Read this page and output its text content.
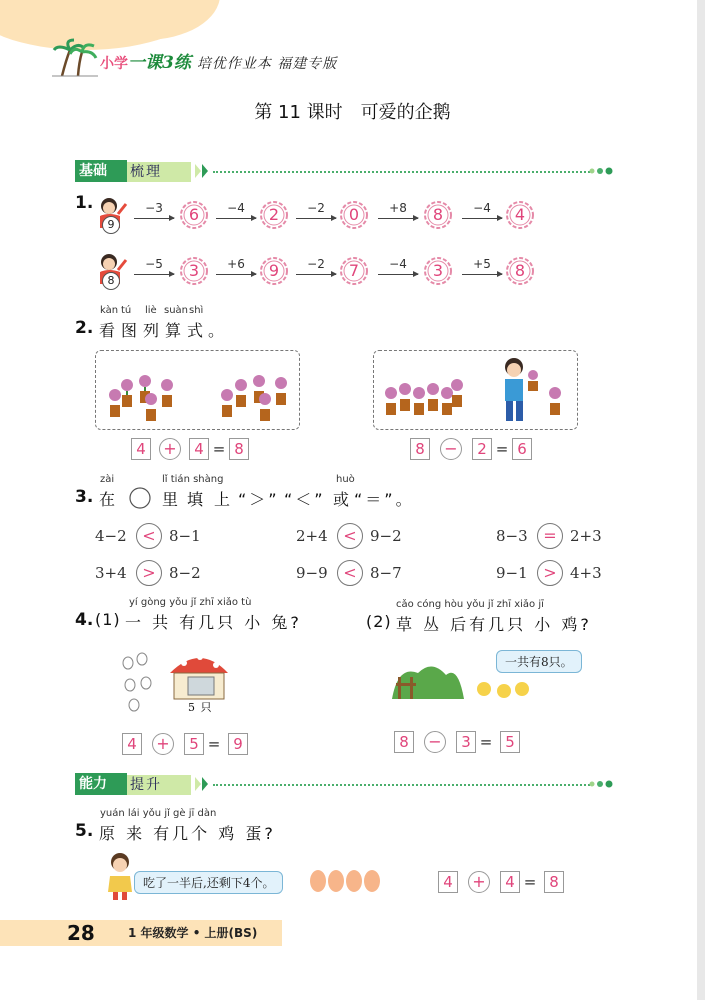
小学一课3练 培优作业本 福建专版
第 11 课时 可爱的企鹅
基础	梳理
1.
9
−3	6	−4	2	−2	0	+8	8	−4	4
8
−5	3	+6	9	−2	7	−4	3	+5	8
kàn tú liè suàn shì
2. 看 图 列 算 式 。
4	+	4 = 8	8	−	2 = 6
zài	lǐ tián shàng	huò
3. 在	里 填 上 “＞” “＜” 或 “＝”。
4−2 < 8−1	2+4 < 9−2	8−3 = 2+3
3+4 > 8−2	9−9 < 8−7	9−1 > 4+3
yí gòng yǒu jǐ zhī xiǎo tù
4. (1) 一 共 有几只 小 兔?
cǎo cóng hòu yǒu jǐ zhī xiǎo jī
(2) 草 丛 后有几只 小 鸡?
5 只
4	+	5 = 9
一共有8只。
8	−	3 = 5
能力	提升
yuán lái yǒu jǐ gè jī dàn
5. 原 来 有几个 鸡 蛋?
吃了一半后,还剩下4个。	4	+	4 = 8
28	1 年级数学 • 上册(BS)
